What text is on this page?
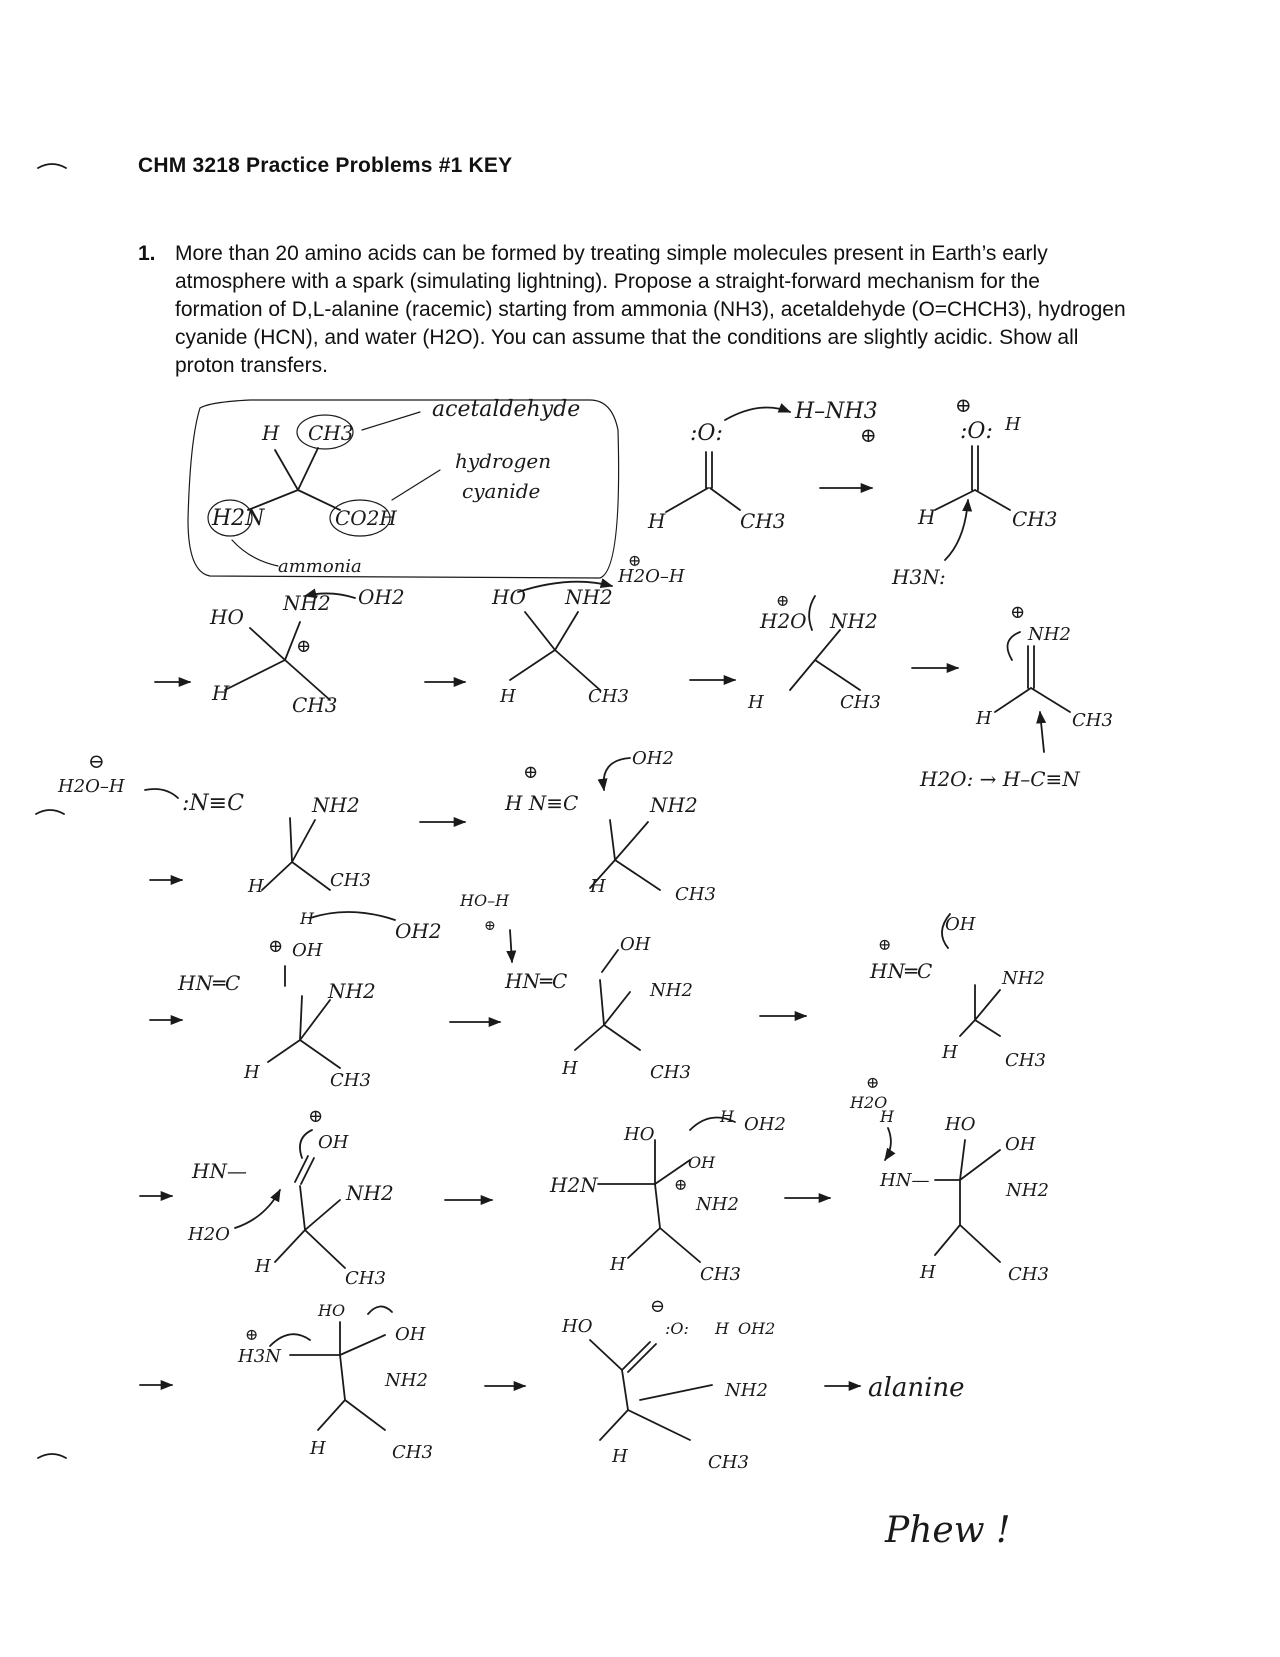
CHM 3218 Practice Problems #1 KEY
1. More than 20 amino acids can be formed by treating simple molecules present in Earth’s early atmosphere with a spark (simulating lightning). Propose a straight-forward mechanism for the formation of D,L-alanine (racemic) starting from ammonia (NH3), acetaldehyde (O=CHCH3), hydrogen cyanide (HCN), and water (H2O). You can assume that the conditions are slightly acidic. Show all proton transfers.
H CH3
H2N	CO2H
acetaldehyde
hydrogen
cyanide
ammonia
:O:
H–NH3
⊕
H	CH3
⊕
:O: H
H	CH3
H3N:
HO
NH2
⊕
OH2
H	CH3
HO NH2
H2O–H
⊕
H	CH3
⊕
H2O NH2
H	CH3
⊕
NH2
H	CH3
H2O: → H–C≡N
⊖
H2O–H
:N≡C	NH2
H	CH3
⊕
H N≡C
OH2
NH2
H	CH3
H
⊕ OH
OH2
HN═C	NH2
H	CH3
HO–H
⊕
HN═C
OH
NH2
H	CH3
⊕
HN═C
OH
NH2
H	CH3
⊕
OH
HN—
NH2
H2O
H
CH3
HO
H OH2
OH
⊕
H2N
NH2
H	CH3
⊕
H2O
H	HO
OH
HN—	NH2
H	CH3
⊕
H3N
HO
OH
NH2
H	CH3
HO
⊖
:O: H OH2
NH2
H	CH3
alanine
Phew !
